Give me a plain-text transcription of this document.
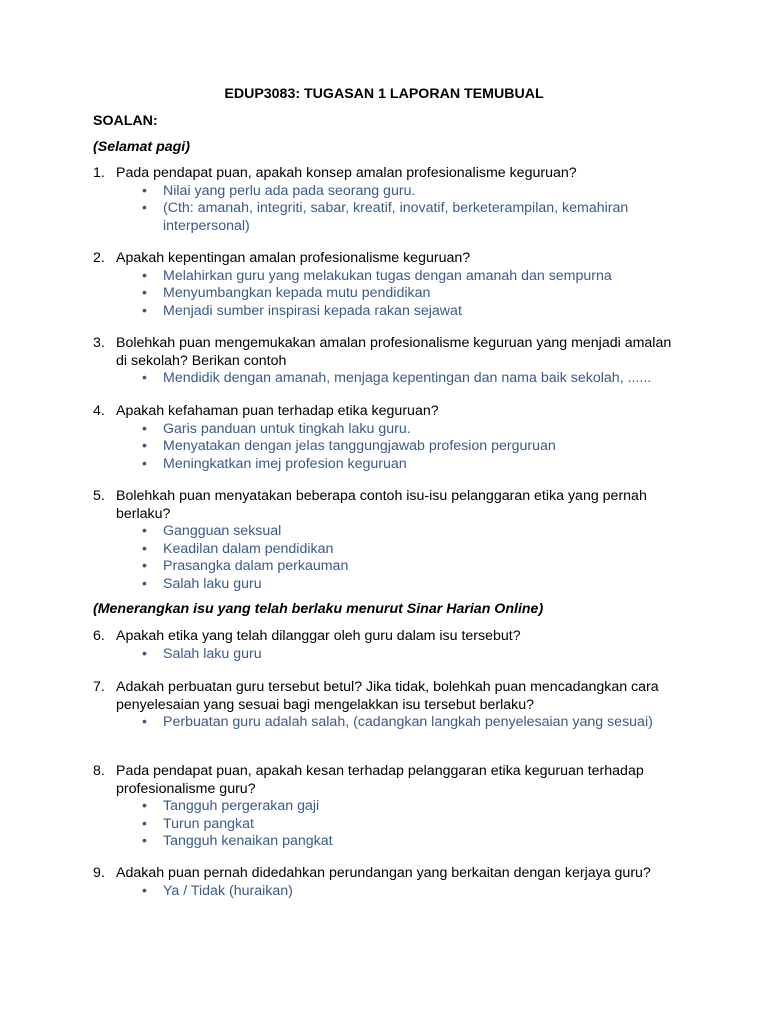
EDUP3083: TUGASAN 1 LAPORAN TEMUBUAL
SOALAN:
(Selamat pagi)
1. Pada pendapat puan, apakah konsep amalan profesionalisme keguruan?
• Nilai yang perlu ada pada seorang guru.
• (Cth: amanah, integriti, sabar, kreatif, inovatif, berketerampilan, kemahiran interpersonal)
2. Apakah kepentingan amalan profesionalisme keguruan?
• Melahirkan guru yang melakukan tugas dengan amanah dan sempurna
• Menyumbangkan kepada mutu pendidikan
• Menjadi sumber inspirasi kepada rakan sejawat
3. Bolehkah puan mengemukakan amalan profesionalisme keguruan yang menjadi amalan di sekolah? Berikan contoh
• Mendidik dengan amanah, menjaga kepentingan dan nama baik sekolah, ......
4. Apakah kefahaman puan terhadap etika keguruan?
• Garis panduan untuk tingkah laku guru.
• Menyatakan dengan jelas tanggungjawab profesion perguruan
• Meningkatkan imej profesion keguruan
5. Bolehkah puan menyatakan beberapa contoh isu-isu pelanggaran etika yang pernah berlaku?
• Gangguan seksual
• Keadilan dalam pendidikan
• Prasangka dalam perkauman
• Salah laku guru
(Menerangkan isu yang telah berlaku menurut Sinar Harian Online)
6. Apakah etika yang telah dilanggar oleh guru dalam isu tersebut?
• Salah laku guru
7. Adakah perbuatan guru tersebut betul? Jika tidak, bolehkah puan mencadangkan cara penyelesaian yang sesuai bagi mengelakkan isu tersebut berlaku?
• Perbuatan guru adalah salah, (cadangkan langkah penyelesaian yang sesuai)
8. Pada pendapat puan, apakah kesan terhadap pelanggaran etika keguruan terhadap profesionalisme guru?
• Tangguh pergerakan gaji
• Turun pangkat
• Tangguh kenaikan pangkat
9. Adakah puan pernah didedahkan perundangan yang berkaitan dengan kerjaya guru?
• Ya / Tidak (huraikan)
